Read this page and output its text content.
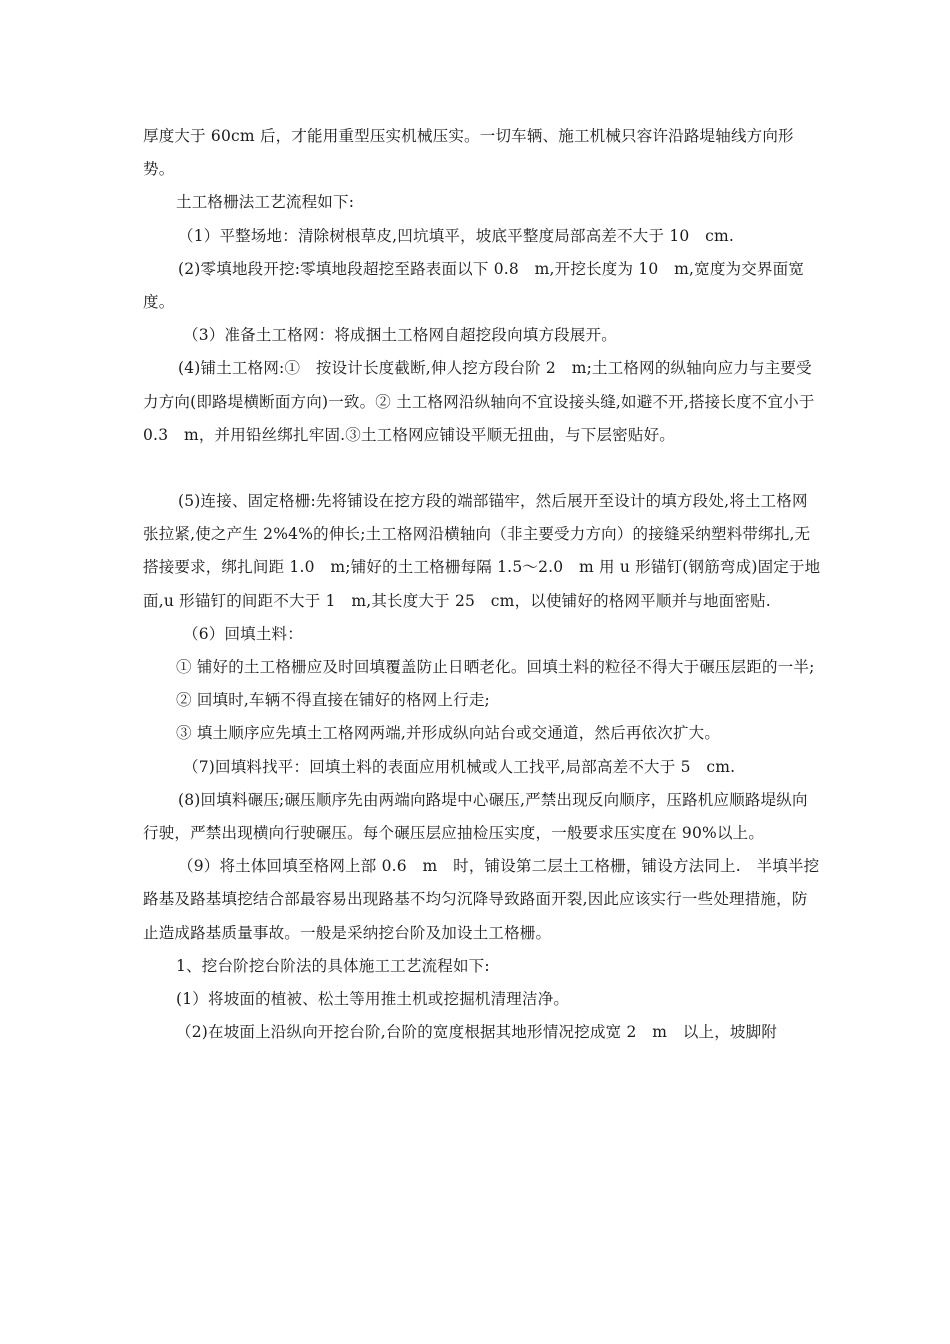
厚度大于 60cm 后，才能用重型压实机械压实。一切车辆、施工机械只容许沿路堤轴线方向形势。

土工格栅法工艺流程如下:

（1）平整场地：清除树根草皮,凹坑填平，坡底平整度局部高差不大于 10　cm.

(2)零填地段开挖:零填地段超挖至路表面以下 0.8　m,开挖长度为 10　m,宽度为交界面宽度。

（3）准备土工格网：将成捆土工格网自超挖段向填方段展开。

(4)铺土工格网:①　按设计长度截断,伸人挖方段台阶 2　m;土工格网的纵轴向应力与主要受力方向(即路堤横断面方向)一致。② 土工格网沿纵轴向不宜设接头缝,如避不开,搭接长度不宜小于 0.3　m，并用铅丝绑扎牢固.③土工格网应铺设平顺无扭曲，与下层密贴好。

(5)连接、固定格栅:先将铺设在挖方段的端部锚牢，然后展开至设计的填方段处,将土工格网张拉紧,使之产生 2%4%的伸长;土工格网沿横轴向（非主要受力方向）的接缝采纳塑料带绑扎,无搭接要求，绑扎间距 1.0　m;铺好的土工格栅每隔 1.5～2.0　m 用 u 形锚钉(钢筋弯成)固定于地面,u 形锚钉的间距不大于 1　m,其长度大于 25　cm，以使铺好的格网平顺并与地面密贴.

（6）回填土料：

① 铺好的土工格栅应及时回填覆盖防止日晒老化。回填土料的粒径不得大于碾压层距的一半;

② 回填时,车辆不得直接在铺好的格网上行走;

③ 填土顺序应先填土工格网两端,并形成纵向站台或交通道，然后再依次扩大。

（7)回填料找平：回填土料的表面应用机械或人工找平,局部高差不大于 5　cm.

(8)回填料碾压;碾压顺序先由两端向路堤中心碾压,严禁出现反向顺序，压路机应顺路堤纵向行驶，严禁出现横向行驶碾压。每个碾压层应抽检压实度，一般要求压实度在 90%以上。

（9）将土体回填至格网上部 0.6　m　时，铺设第二层土工格栅，铺设方法同上.　半填半挖路基及路基填挖结合部最容易出现路基不均匀沉降导致路面开裂,因此应该实行一些处理措施，防止造成路基质量事故。一般是采纳挖台阶及加设土工格栅。

1、挖台阶挖台阶法的具体施工工艺流程如下:

(1）将坡面的植被、松土等用推土机或挖掘机清理洁净。

（2)在坡面上沿纵向开挖台阶,台阶的宽度根据其地形情况挖成宽 2　m　以上，坡脚附
